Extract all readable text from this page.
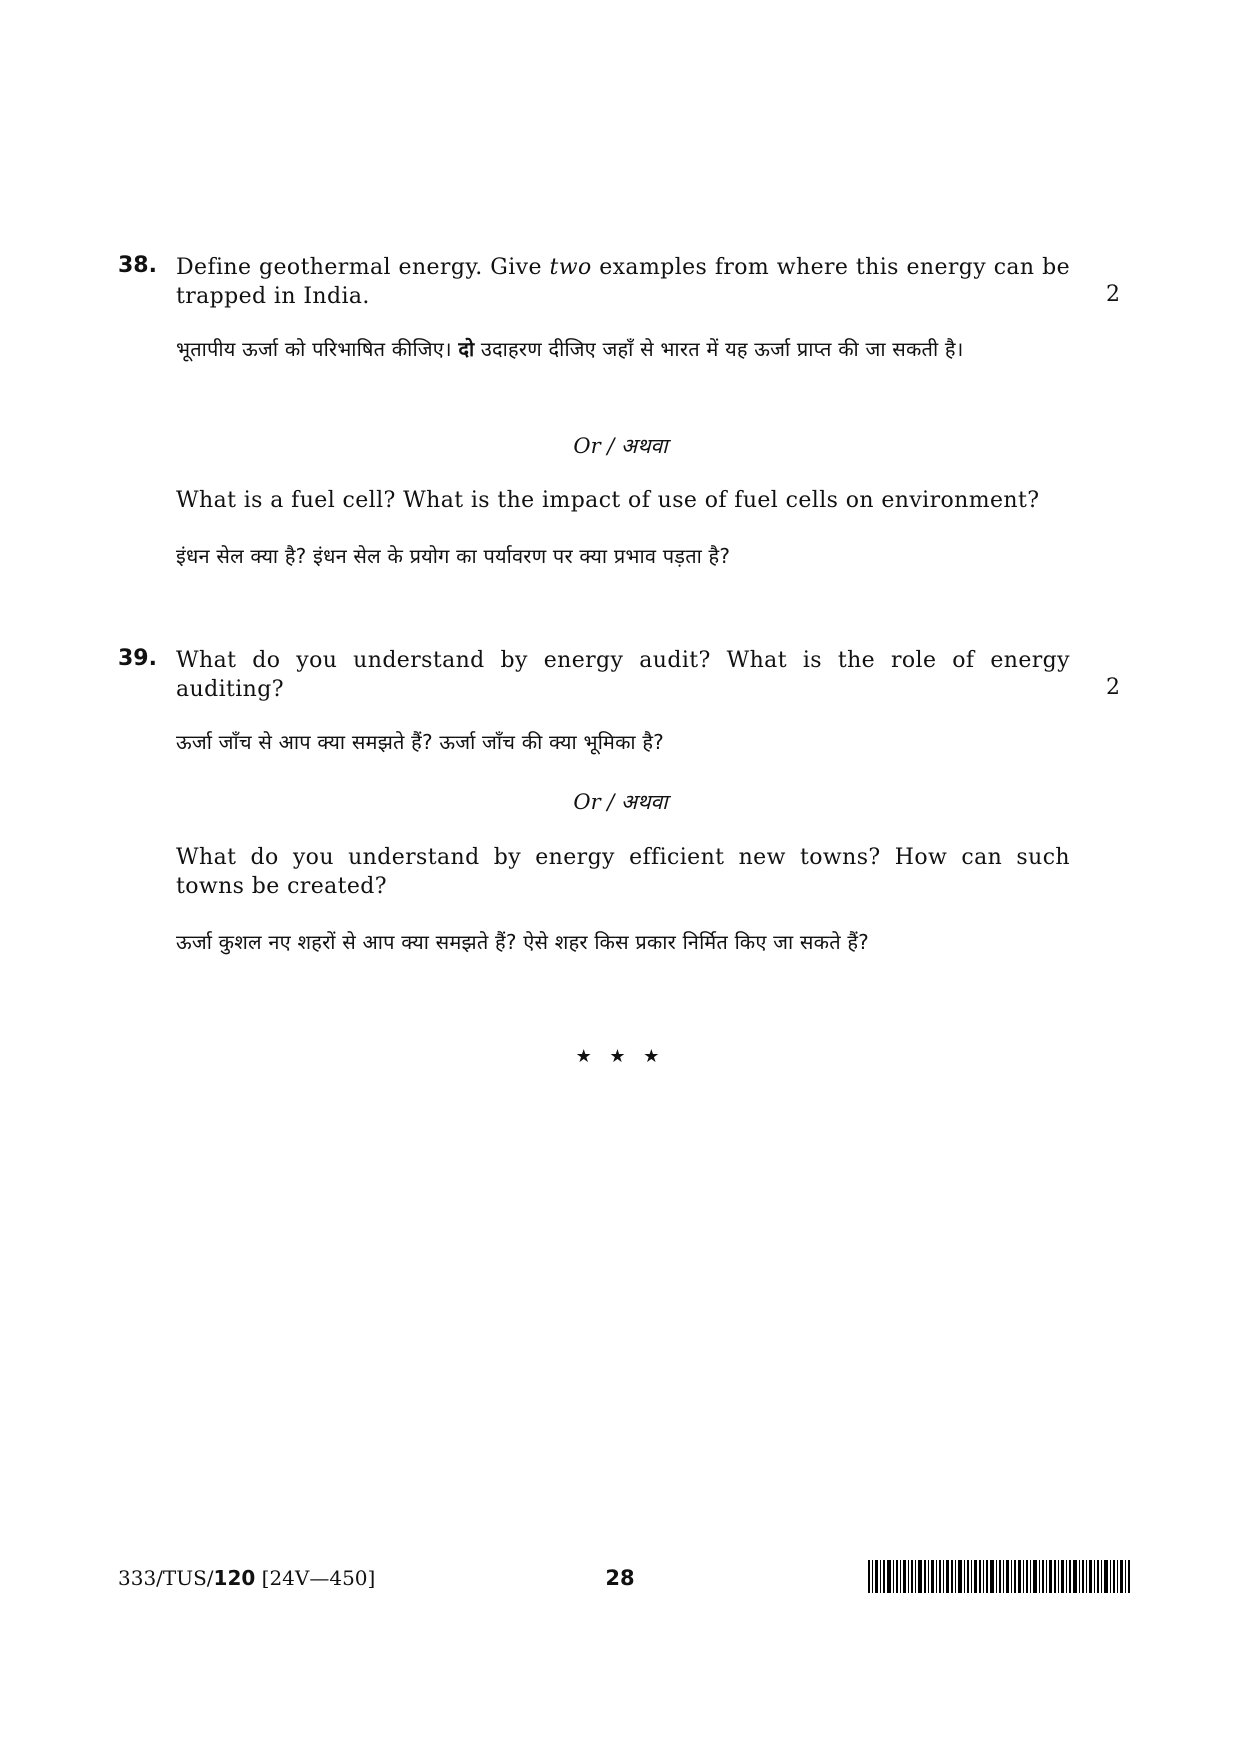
38. Define geothermal energy. Give two examples from where this energy can be trapped in India.	2
भूतापीय ऊर्जा को परिभाषित कीजिए। दो उदाहरण दीजिए जहाँ से भारत में यह ऊर्जा प्राप्त की जा सकती है।
Or / अथवा
What is a fuel cell? What is the impact of use of fuel cells on environment?
इंधन सेल क्या है? इंधन सेल के प्रयोग का पर्यावरण पर क्या प्रभाव पड़ता है?
39. What do you understand by energy audit? What is the role of energy auditing?	2
ऊर्जा जाँच से आप क्या समझते हैं? ऊर्जा जाँच की क्या भूमिका है?
Or / अथवा
What do you understand by energy efficient new towns? How can such towns be created?
ऊर्जा कुशल नए शहरों से आप क्या समझते हैं? ऐसे शहर किस प्रकार निर्मित किए जा सकते हैं?
★ ★ ★
333/TUS/120 [24V—450]	28
